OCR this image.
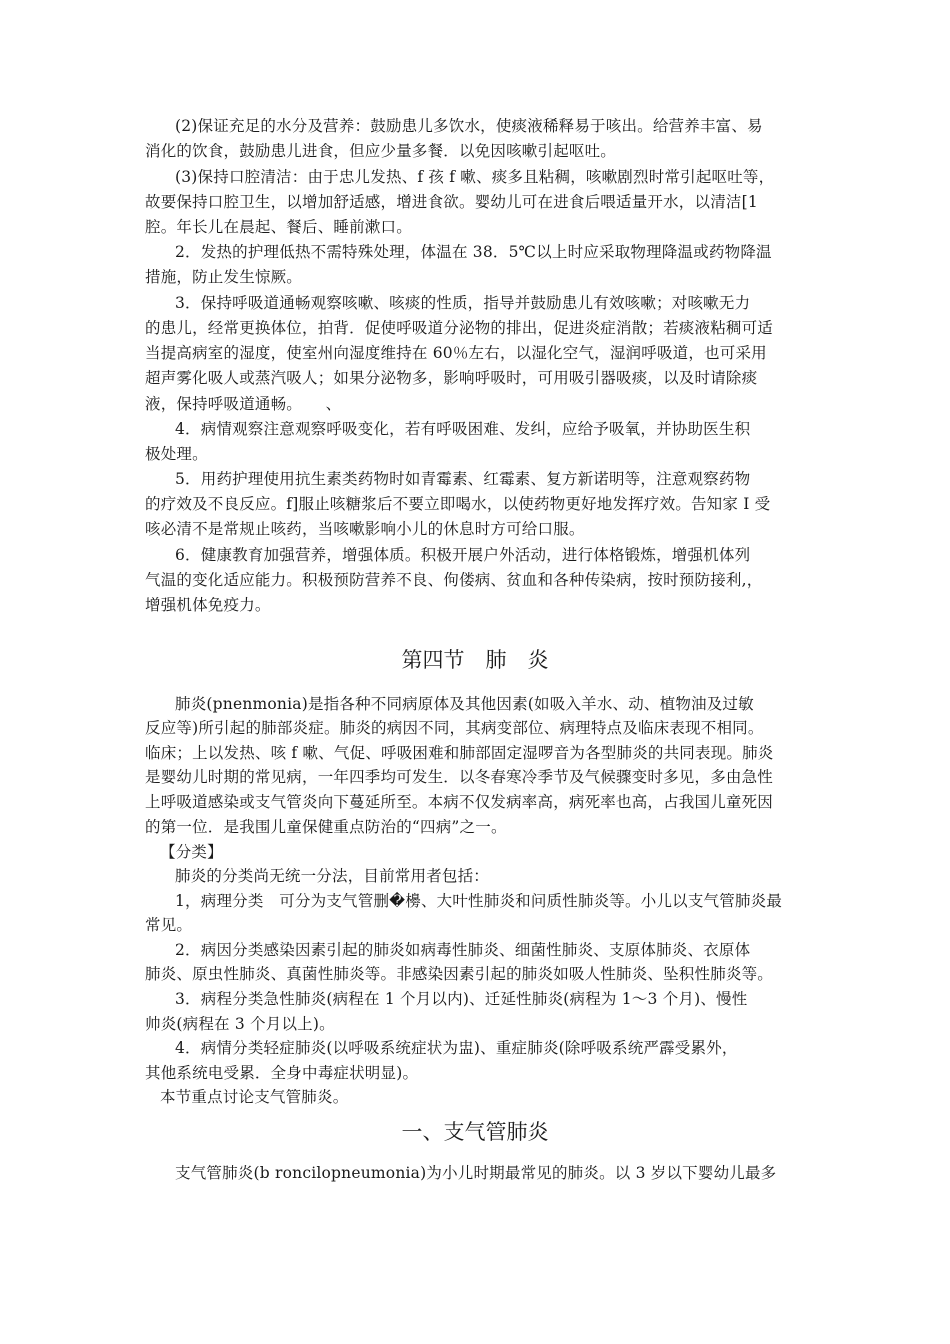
(2)保证充足的水分及营养：鼓励患儿多饮水，使痰液稀释易于咳出。给营养丰富、易
消化的饮食，鼓励患儿进食，但应少量多餐．以免因咳嗽引起呕吐。
(3)保持口腔清洁：由于忠儿发热、f 孩 f 嗽、痰多且粘稠，咳嗽剧烈时常引起呕吐等，
故要保持口腔卫生，以增加舒适感，增进食欲。婴幼儿可在进食后喂适量开水，以清洁[1
腔。年长儿在晨起、餐后、睡前漱口。
2．发热的护理低热不需特殊处理，体温在 38．5℃以上时应采取物理降温或药物降温
措施，防止发生惊厥。
3．保持呼吸道通畅观察咳嗽、咳痰的性质，指导并鼓励患儿有效咳嗽；对咳嗽无力
的患儿，经常更换体位，拍背．促使呼吸道分泌物的排出，促进炎症消散；若痰液粘稠可适
当提高病室的湿度，使室州向湿度维持在 60％左右，以湿化空气，湿润呼吸道，也可采用
超声雾化吸人或蒸汽吸人；如果分泌物多，影响呼吸时，可用吸引器吸痰，以及时请除痰
液，保持呼吸道通畅。　　、
4．病情观察注意观察呼吸变化，若有呼吸困难、发纠，应给予吸氧，并协助医生积
极处理。
5．用药护理使用抗生素类药物时如青霉素、红霉素、复方新诺明等，注意观察药物
的疗效及不良反应。f]服止咳糖浆后不要立即喝水，以使药物更好地发挥疗效。告知家 I 受
咳必清不是常规止咳药，当咳嗽影响小儿的休息时方可给口服。
6．健康教育加强营养，增强体质。积极开展户外活动，进行体格锻炼，增强机体列
气温的变化适应能力。积极预防营养不良、佝偻病、贫血和各种传染病，按时预防接利,，
增强机体免疫力。
第四节　肺　炎
肺炎(pnenmonia)是指各种不同病原体及其他因素(如吸入羊水、动、植物油及过敏
反应等)所引起的肺部炎症。肺炎的病因不同，其病变部位、病理特点及临床表现不相同。
临床；上以发热、咳 f 嗽、气促、呼吸困难和肺部固定湿啰音为各型肺炎的共同表现。肺炎
是婴幼儿时期的常见病，一年四季均可发生．以冬春寒冷季节及气候骤变时多见，多由急性
上呼吸道感染或支气管炎向下蔓延所至。本病不仅发病率高，病死率也高，占我国儿童死因
的第一位．是我围儿童保健重点防治的“四病”之一。
【分类】
肺炎的分类尚无统一分法，目前常用者包括：
1，病理分类　可分为支气管删�櫋、大叶性肺炎和问质性肺炎等。小儿以支气管肺炎最
常见。
2．病因分类感染因素引起的肺炎如病毒性肺炎、细菌性肺炎、支原体肺炎、衣原体
肺炎、原虫性肺炎、真菌性肺炎等。非感染因素引起的肺炎如吸人性肺炎、坠积性肺炎等。
3．病程分类急性肺炎(病程在 1 个月以内)、迁延性肺炎(病程为 1～3 个月)、慢性
帅炎(病程在 3 个月以上)。
4．病情分类轻症肺炎(以呼吸系统症状为盅)、重症肺炎(除呼吸系统严霹受累外，
其他系统电受累．全身中毒症状明显)。
本节重点讨论支气管肺炎。
一、支气管肺炎
支气管肺炎(b roncilopneumonia)为小儿时期最常见的肺炎。以 3 岁以下婴幼儿最多
